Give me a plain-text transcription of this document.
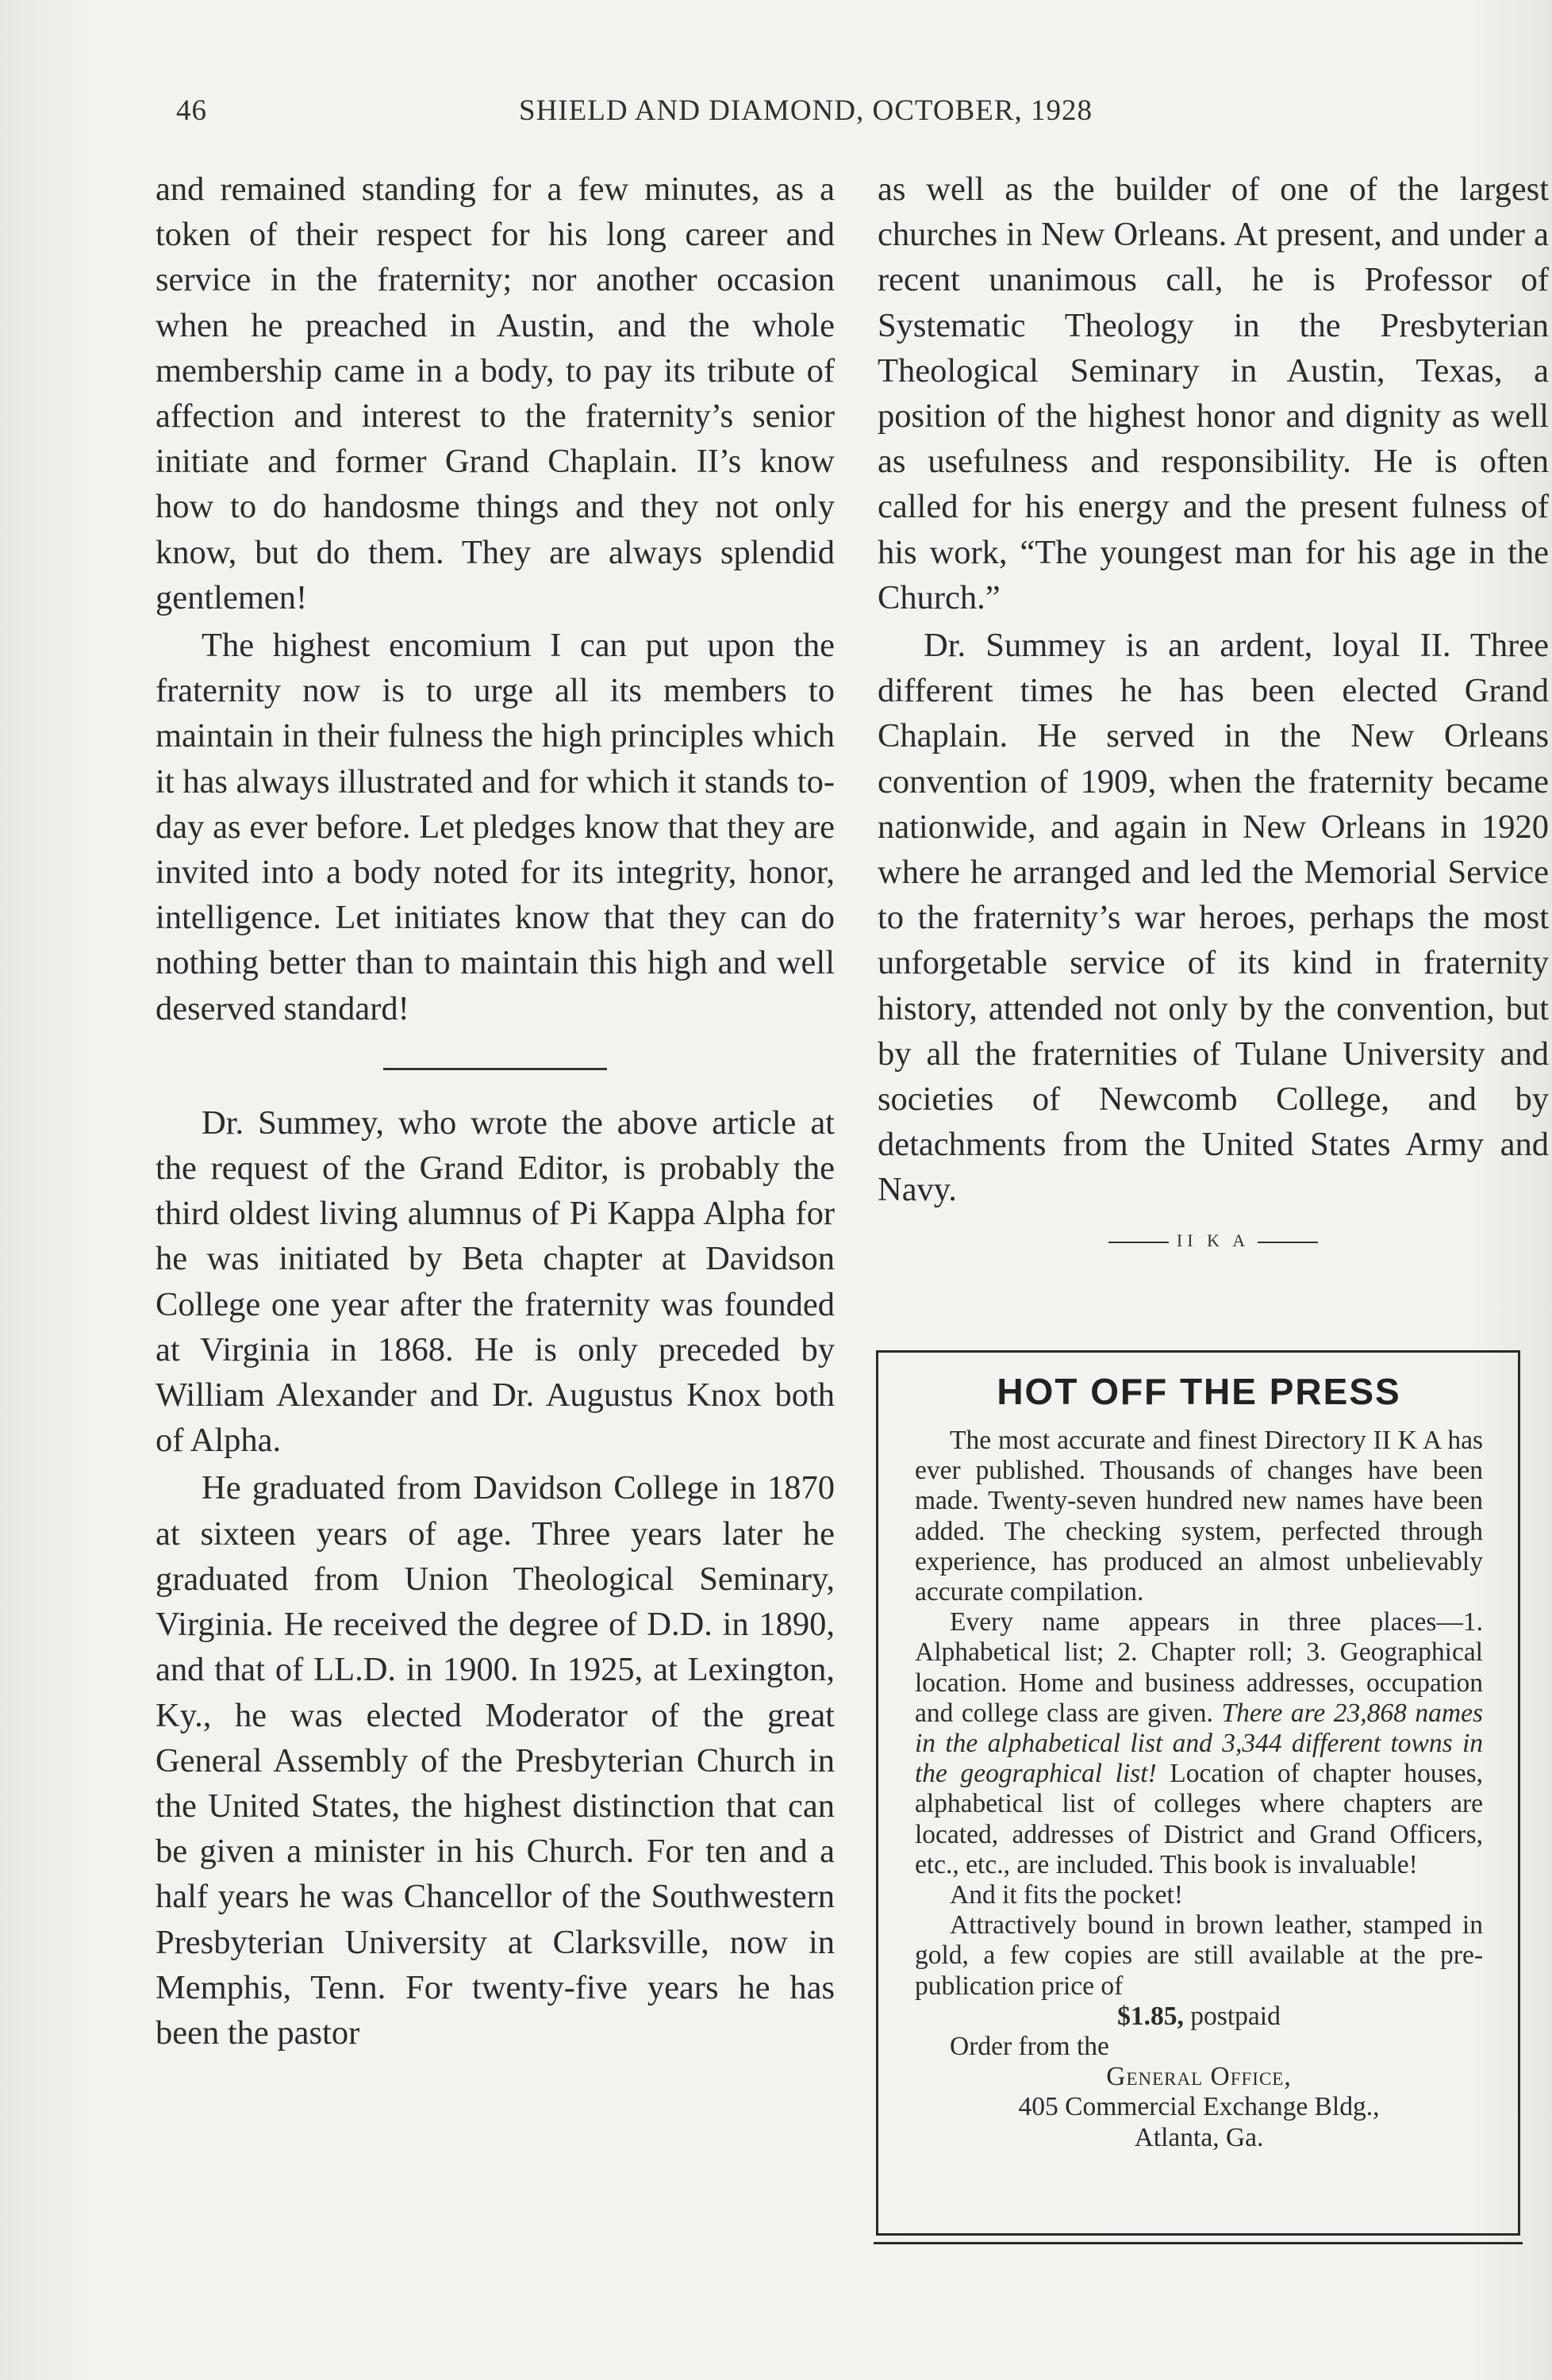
46	SHIELD AND DIAMOND, OCTOBER, 1928

and remained standing for a few minutes, as a token of their respect for his long career and service in the fraternity; nor another occasion when he preached in Austin, and the whole membership came in a body, to pay its tribute of affection and interest to the fraternity’s senior initiate and former Grand Chaplain. II’s know how to do handosme things and they not only know, but do them. They are always splendid gentlemen!

The highest encomium I can put upon the fraternity now is to urge all its members to maintain in their fulness the high principles which it has always illustrated and for which it stands to-day as ever before. Let pledges know that they are invited into a body noted for its integrity, honor, intelligence. Let initiates know that they can do nothing better than to maintain this high and well deserved standard!

Dr. Summey, who wrote the above article at the request of the Grand Editor, is probably the third oldest living alumnus of Pi Kappa Alpha for he was initiated by Beta chapter at Davidson College one year after the fraternity was founded at Virginia in 1868. He is only preceded by William Alexander and Dr. Augustus Knox both of Alpha.

He graduated from Davidson College in 1870 at sixteen years of age. Three years later he graduated from Union Theological Seminary, Virginia. He received the degree of D.D. in 1890, and that of LL.D. in 1900. In 1925, at Lexington, Ky., he was elected Moderator of the great General Assembly of the Presbyterian Church in the United States, the highest distinction that can be given a minister in his Church. For ten and a half years he was Chancellor of the Southwestern Presbyterian University at Clarksville, now in Memphis, Tenn. For twenty-five years he has been the pastor

as well as the builder of one of the largest churches in New Orleans. At present, and under a recent unanimous call, he is Professor of Systematic Theology in the Presbyterian Theological Seminary in Austin, Texas, a position of the highest honor and dignity as well as usefulness and responsibility. He is often called for his energy and the present fulness of his work, “The youngest man for his age in the Church.”

Dr. Summey is an ardent, loyal II. Three different times he has been elected Grand Chaplain. He served in the New Orleans convention of 1909, when the fraternity became nationwide, and again in New Orleans in 1920 where he arranged and led the Memorial Service to the fraternity’s war heroes, perhaps the most unforgetable service of its kind in fraternity history, attended not only by the convention, but by all the fraternities of Tulane University and societies of Newcomb College, and by detachments from the United States Army and Navy.

II K A
HOT OFF THE PRESS

The most accurate and finest Directory II K A has ever published. Thousands of changes have been made. Twenty-seven hundred new names have been added. The checking system, perfected through experience, has produced an almost unbelievably accurate compilation.

Every name appears in three places—1. Alphabetical list; 2. Chapter roll; 3. Geographical location. Home and business addresses, occupation and college class are given. There are 23,868 names in the alphabetical list and 3,344 different towns in the geographical list! Location of chapter houses, alphabetical list of colleges where chapters are located, addresses of District and Grand Officers, etc., etc., are included. This book is invaluable!

And it fits the pocket!

Attractively bound in brown leather, stamped in gold, a few copies are still available at the pre-publication price of

$1.85, postpaid

Order from the

General Office,

405 Commercial Exchange Bldg.,

Atlanta, Ga.
